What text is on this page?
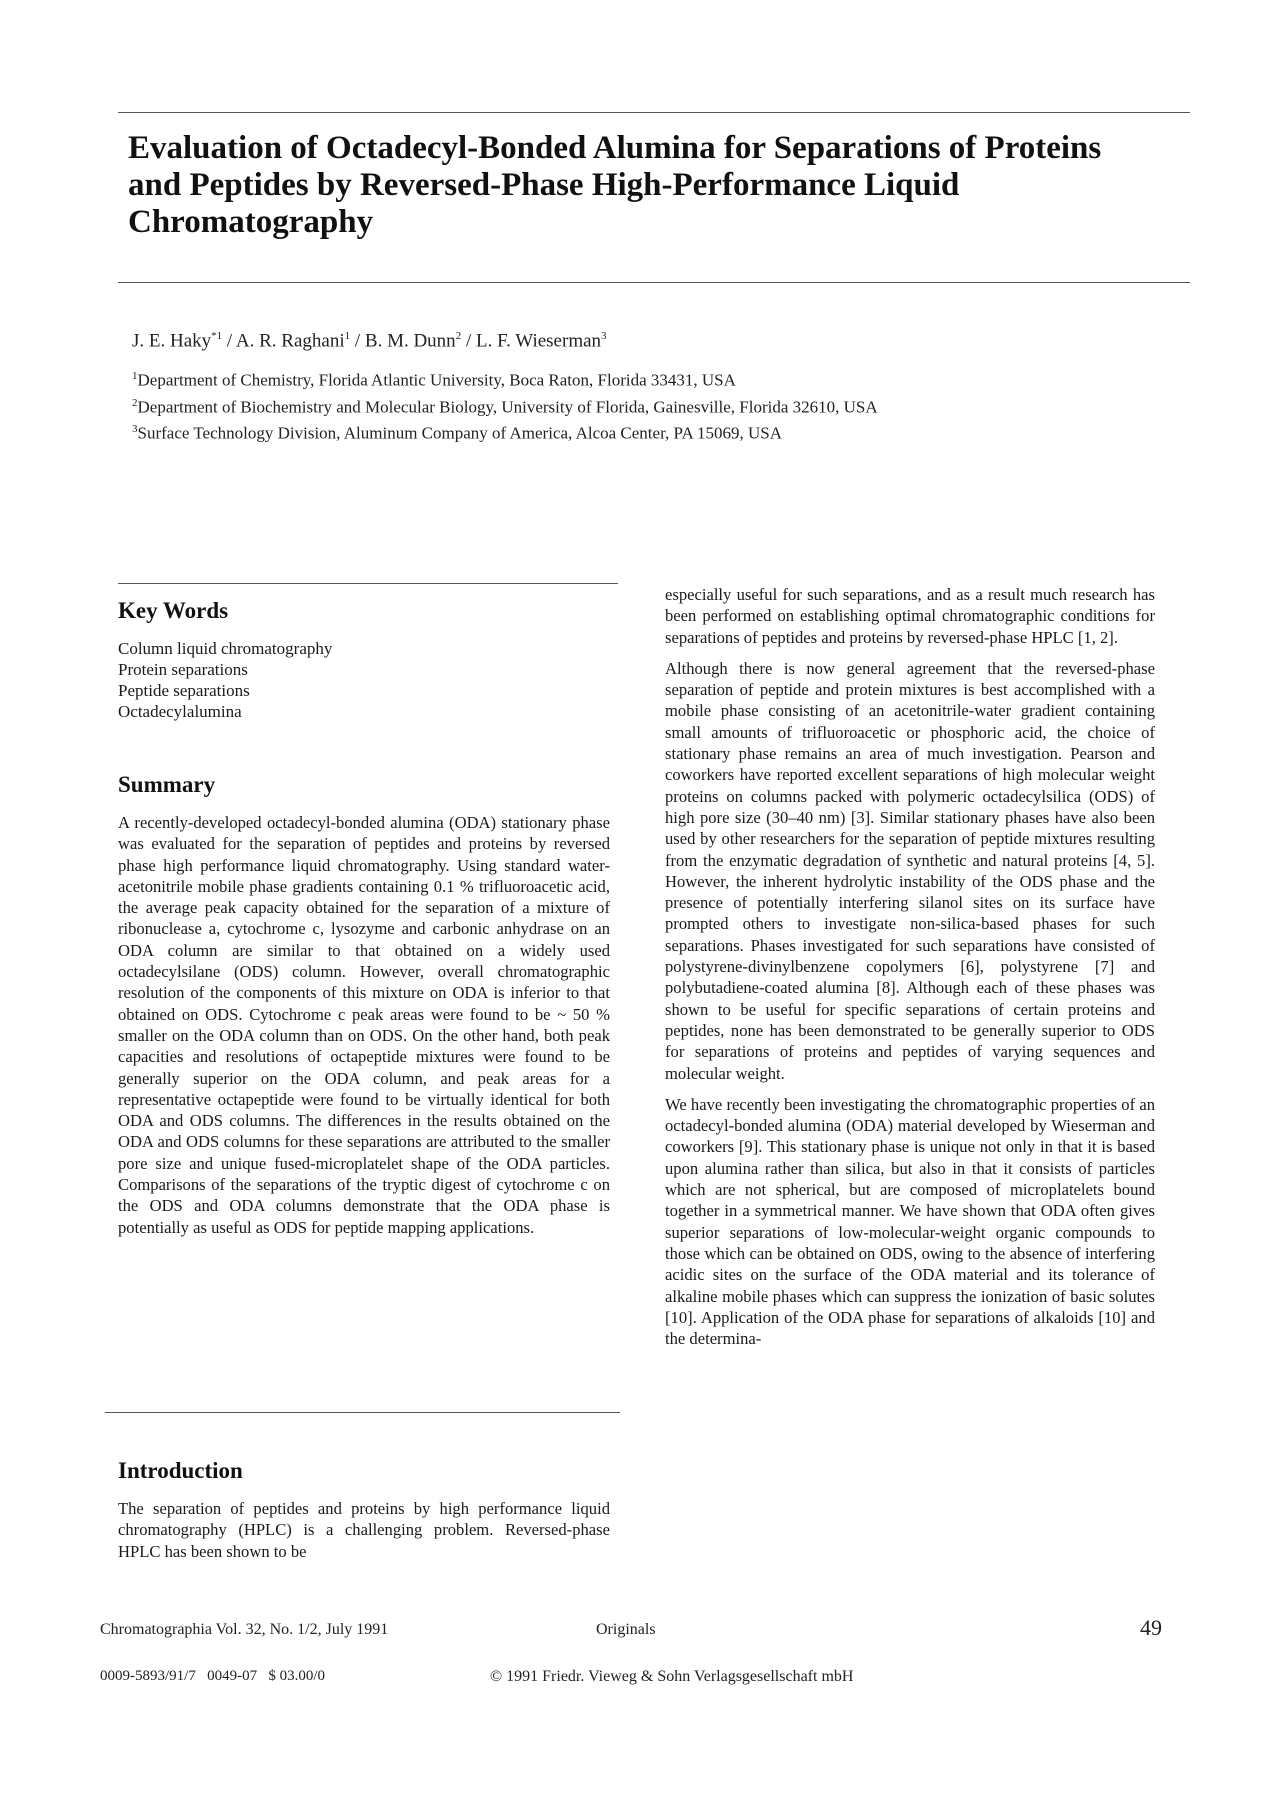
Evaluation of Octadecyl-Bonded Alumina for Separations of Proteins and Peptides by Reversed-Phase High-Performance Liquid Chromatography
J. E. Haky$^{*1}$ / A. R. Raghani$^1$ / B. M. Dunn$^2$ / L. F. Wieserman$^3$
$^1$Department of Chemistry, Florida Atlantic University, Boca Raton, Florida 33431, USA
$^2$Department of Biochemistry and Molecular Biology, University of Florida, Gainesville, Florida 32610, USA
$^3$Surface Technology Division, Aluminum Company of America, Alcoa Center, PA 15069, USA
Key Words
Column liquid chromatography
Protein separations
Peptide separations
Octadecylalumina
Summary

A recently-developed octadecyl-bonded alumina (ODA) stationary phase was evaluated for the separation of peptides and proteins by reversed phase high performance liquid chromatography. Using standard water-acetonitrile mobile phase gradients containing 0.1 % trifluoroacetic acid, the average peak capacity obtained for the separation of a mixture of ribonuclease a, cytochrome c, lysozyme and carbonic anhydrase on an ODA column are similar to that obtained on a widely used octadecylsilane (ODS) column. However, overall chromatographic resolution of the components of this mixture on ODA is inferior to that obtained on ODS. Cytochrome c peak areas were found to be ~ 50 % smaller on the ODA column than on ODS. On the other hand, both peak capacities and resolutions of octapeptide mixtures were found to be generally superior on the ODA column, and peak areas for a representative octapeptide were found to be virtually identical for both ODA and ODS columns. The differences in the results obtained on the ODA and ODS columns for these separations are attributed to the smaller pore size and unique fused-microplatelet shape of the ODA particles. Comparisons of the separations of the tryptic digest of cytochrome c on the ODS and ODA columns demonstrate that the ODA phase is potentially as useful as ODS for peptide mapping applications.

Introduction

The separation of peptides and proteins by high performance liquid chromatography (HPLC) is a challenging problem. Reversed-phase HPLC has been shown to be

especially useful for such separations, and as a result much research has been performed on establishing optimal chromatographic conditions for separations of peptides and proteins by reversed-phase HPLC [1, 2].

Although there is now general agreement that the reversed-phase separation of peptide and protein mixtures is best accomplished with a mobile phase consisting of an acetonitrile-water gradient containing small amounts of trifluoroacetic or phosphoric acid, the choice of stationary phase remains an area of much investigation. Pearson and coworkers have reported excellent separations of high molecular weight proteins on columns packed with polymeric octadecylsilica (ODS) of high pore size (30–40 nm) [3]. Similar stationary phases have also been used by other researchers for the separation of peptide mixtures resulting from the enzymatic degradation of synthetic and natural proteins [4, 5]. However, the inherent hydrolytic instability of the ODS phase and the presence of potentially interfering silanol sites on its surface have prompted others to investigate non-silica-based phases for such separations. Phases investigated for such separations have consisted of polystyrene-divinylbenzene copolymers [6], polystyrene [7] and polybutadiene-coated alumina [8]. Although each of these phases was shown to be useful for specific separations of certain proteins and peptides, none has been demonstrated to be generally superior to ODS for separations of proteins and peptides of varying sequences and molecular weight.

We have recently been investigating the chromatographic properties of an octadecyl-bonded alumina (ODA) material developed by Wieserman and coworkers [9]. This stationary phase is unique not only in that it is based upon alumina rather than silica, but also in that it consists of particles which are not spherical, but are composed of microplatelets bound together in a symmetrical manner. We have shown that ODA often gives superior separations of low-molecular-weight organic compounds to those which can be obtained on ODS, owing to the absence of interfering acidic sites on the surface of the ODA material and its tolerance of alkaline mobile phases which can suppress the ionization of basic solutes [10]. Application of the ODA phase for separations of alkaloids [10] and the determina-

Chromatographia Vol. 32, No. 1/2, July 1991	Originals	49
0009-5893/91/7   0049-07   $ 03.00/0	© 1991 Friedr. Vieweg & Sohn Verlagsgesellschaft mbH
